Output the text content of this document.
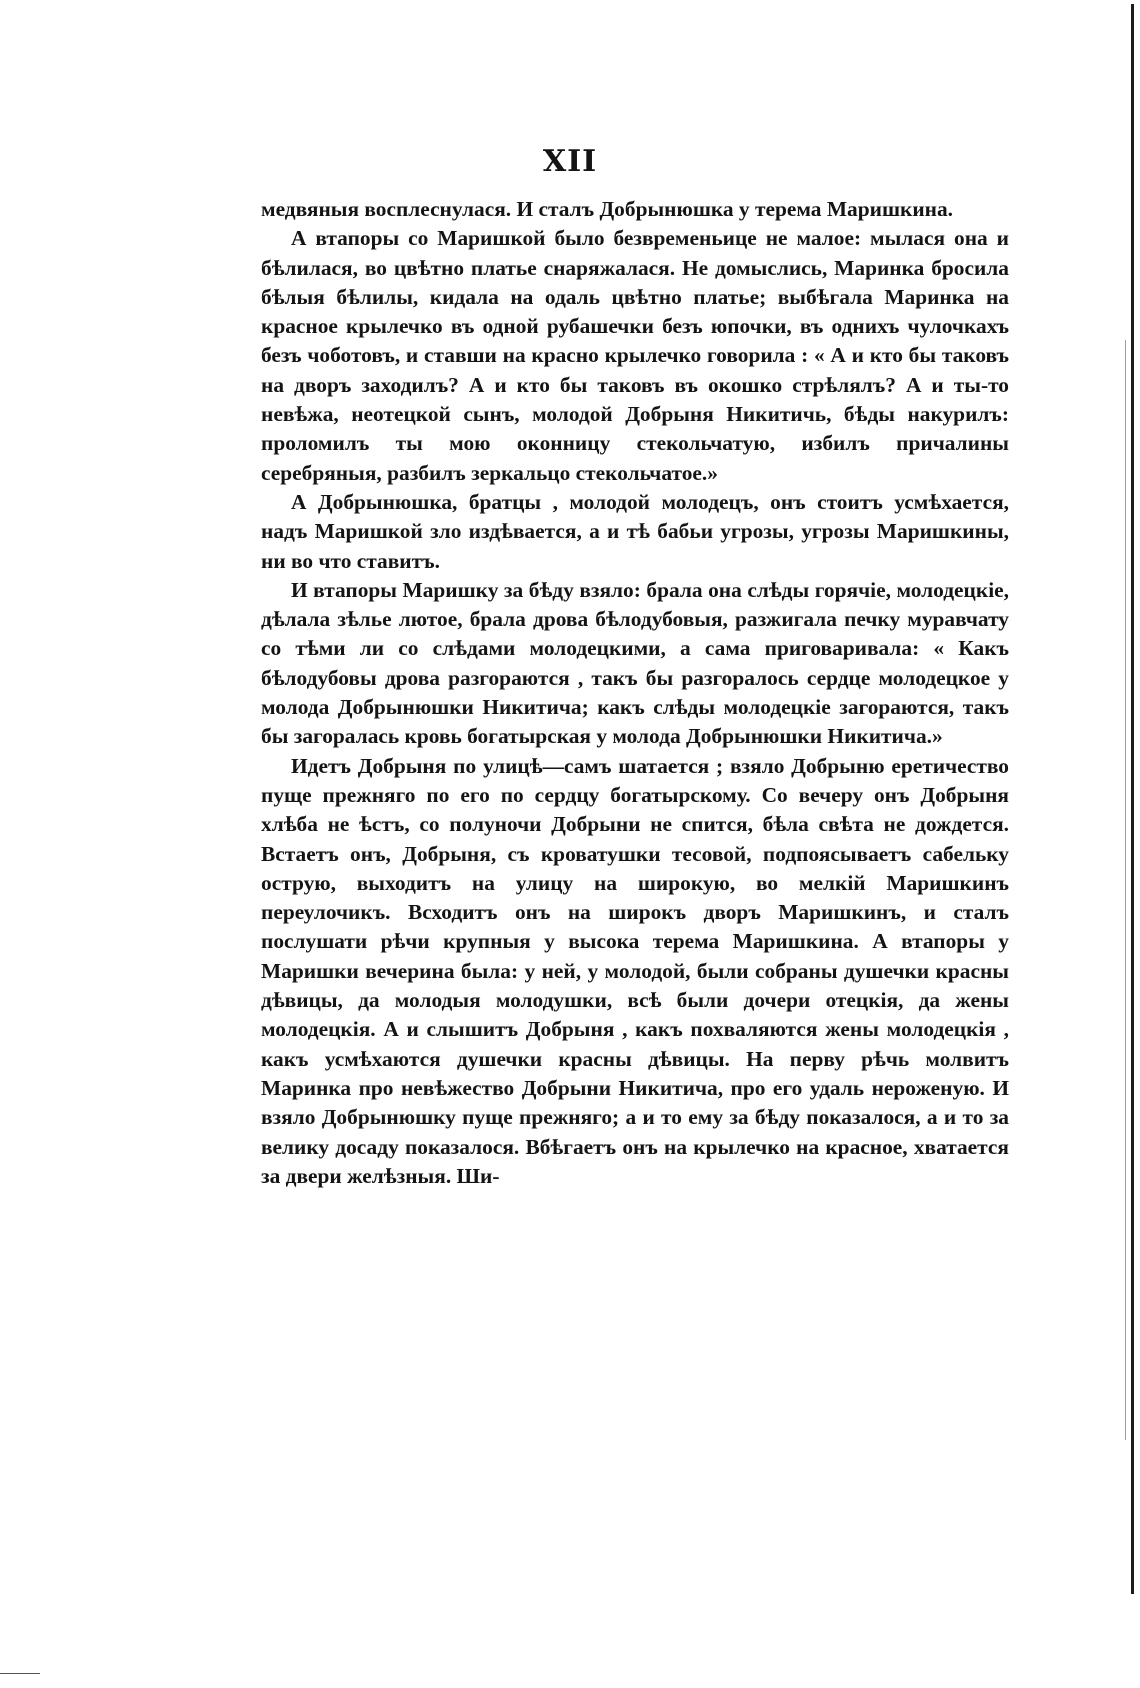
XII

медвяныя восплеснулася. И сталъ Добрынюшка у терема Маришкина.

А втапоры со Маришкой было безвременьице не малое: мылася она и бѣлилася, во цвѣтно платье снаряжалася. Не домыслись, Маринка бросила бѣлыя бѣлилы, кидала на одаль цвѣтно платье; выбѣгала Маринка на красное крылечко въ одной рубашечки безъ юпочки, въ однихъ чулочкахъ безъ чоботовъ, и ставши на красно крылечко говорила : « А и кто бы таковъ на дворъ заходилъ? А и кто бы таковъ въ окошко стрѣлялъ? А и ты-то невѣжа, неотецкой сынъ, молодой Добрыня Никитичь, бѣды накурилъ: проломилъ ты мою оконницу стекольчатую, избилъ причалины серебряныя, разбилъ зеркальцо стекольчатое.»

А Добрынюшка, братцы , молодой молодецъ, онъ стоитъ усмѣхается, надъ Маришкой зло издѣвается, а и тѣ бабьи угрозы, угрозы Маришкины, ни во что ставитъ.

И втапоры Маришку за бѣду взяло: брала она слѣды горячіе, молодецкіе, дѣлала зѣлье лютое, брала дрова бѣлодубовыя, разжигала печку муравчату со тѣми ли со слѣдами молодецкими, а сама приговаривала: « Какъ бѣлодубовы дрова разгораются , такъ бы разгоралось сердце молодецкое у молода Добрынюшки Никитича; какъ слѣды молодецкіе загораются, такъ бы загоралась кровь богатырская у молода Добрынюшки Никитича.»

Идетъ Добрыня по улицѣ—самъ шатается ; взяло Добрыню еретичество пуще прежняго по его по сердцу богатырскому. Со вечеру онъ Добрыня хлѣба не ѣстъ, со полуночи Добрыни не спится, бѣла свѣта не дождется. Встаетъ онъ, Добрыня, съ кроватушки тесовой, подпоясываетъ сабельку острую, выходитъ на улицу на широкую, во мелкій Маришкинъ переулочикъ. Всходитъ онъ на широкъ дворъ Маришкинъ, и сталъ послушати рѣчи крупныя у высока терема Маришкина. А втапоры у Маришки вечерина была: у ней, у молодой, были собраны душечки красны дѣвицы, да молодыя молодушки, всѣ были дочери отецкія, да жены молодецкія. А и слышитъ Добрыня , какъ похваляются жены молодецкія , какъ усмѣхаются душечки красны дѣвицы. На перву рѣчь молвитъ Маринка про невѣжество Добрыни Никитича, про его удаль нероженую. И взяло Добрынюшку пуще прежняго; а и то ему за бѣду показалося, а и то за велику досаду показалося. Вбѣгаетъ онъ на крылечко на красное, хватается за двери желѣзныя. Ши-
